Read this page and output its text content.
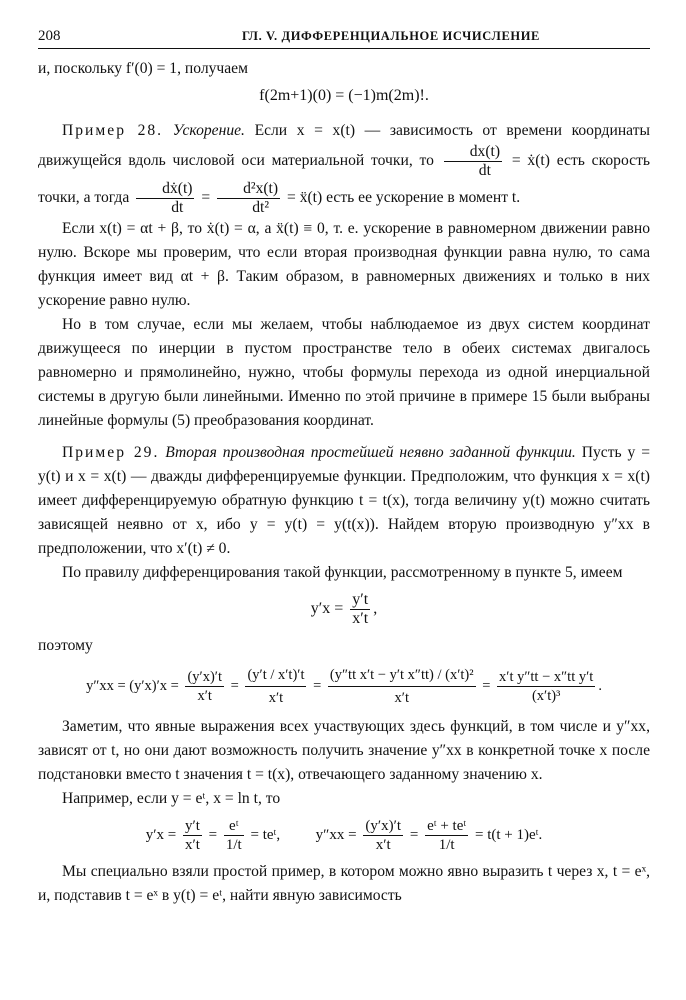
208	ГЛ. V. ДИФФЕРЕНЦИАЛЬНОЕ ИСЧИСЛЕНИЕ

и, поскольку f′(0) = 1, получаем

f(2m+1)(0) = (−1)m(2m)!.

Пример 28. Ускорение. Если x = x(t) — зависимость от времени координаты движущейся вдоль числовой оси материальной точки, то $\frac{dx(t)}{dt}$ = ẋ(t) есть скорость точки, а тогда $\frac{\text{dẋ(t)}}{dt} = \frac{\text{d²x(t)}}{\text{dt²}}$ = ẍ(t) есть ее ускорение в момент t.

Если x(t) = αt + β, то ẋ(t) = α, а ẍ(t) ≡ 0, т. е. ускорение в равномерном движении равно нулю. Вскоре мы проверим, что если вторая производная функции равна нулю, то сама функция имеет вид αt + β. Таким образом, в равномерных движениях и только в них ускорение равно нулю.

Но в том случае, если мы желаем, чтобы наблюдаемое из двух систем координат движущееся по инерции в пустом пространстве тело в обеих системах двигалось равномерно и прямолинейно, нужно, чтобы формулы перехода из одной инерциальной системы в другую были линейными. Именно по этой причине в примере 15 были выбраны линейные формулы (5) преобразования координат.

Пример 29. Вторая производная простейшей неявно заданной функции. Пусть y = y(t) и x = x(t) — дважды дифференцируемые функции. Предположим, что функция x = x(t) имеет дифференцируемую обратную функцию t = t(x), тогда величину y(t) можно считать зависящей неявно от x, ибо y = y(t) = y(t(x)). Найдем вторую производную y″xx в предположении, что x′(t) ≠ 0.

По правилу дифференцирования такой функции, рассмотренному в пункте 5, имеем

$y'x = \frac{y't}{x't}$ ,

поэтому

$y''xx = (y'x)'x = \frac{(y'x)'t}{x't} = \frac{(y't / x't)'t}{x't} = \frac{\text{(y″tt x′t − y′t x″tt) / (x′t)²}}{x't} = \frac{\text{x′t y″tt − x″tt y′t}}{\text{(x′t)³}}$ .

Заметим, что явные выражения всех участвующих здесь функций, в том числе и y″xx, зависят от t, но они дают возможность получить значение y″xx в конкретной точке x после подстановки вместо t значения t = t(x), отвечающего заданному значению x.

Например, если y = eᵗ, x = ln t, то

$y'x = \frac{y't}{x't} = \frac{\text{eᵗ}}{1/t}$ = teᵗ, $y''xx = \frac{(y'x)'t}{x't} = \frac{\text{eᵗ + teᵗ}}{1/t} = t(t$ + 1)eᵗ.

Мы специально взяли простой пример, в котором можно явно выразить t через x, t = eˣ, и, подставив t = eˣ в y(t) = eᵗ, найти явную зависимость
